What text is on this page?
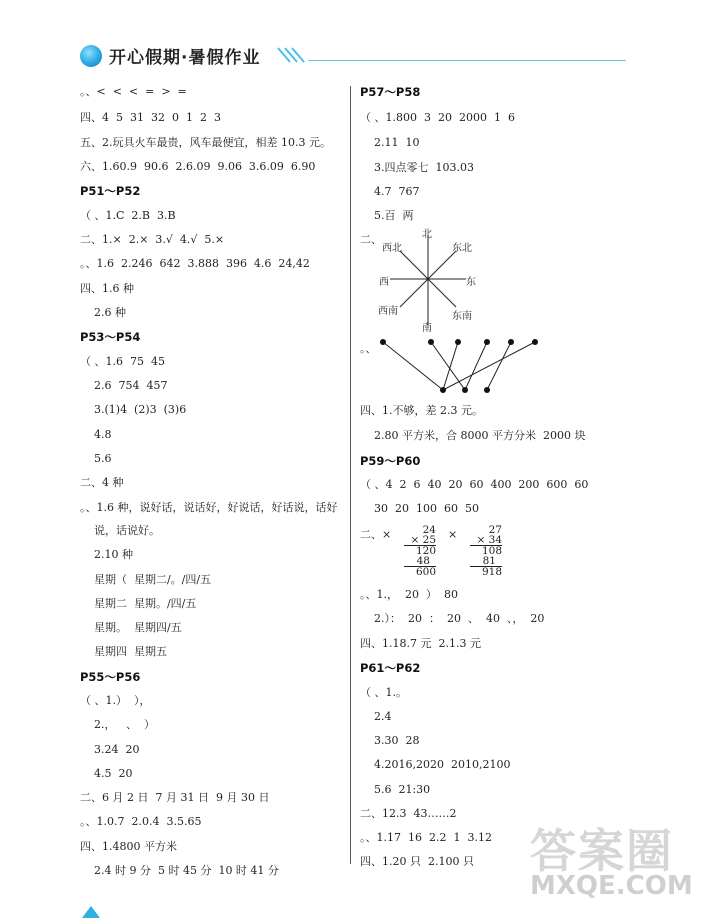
开心假期·暑假作业
。、<  <  <  =  >  =
四、4  5  31  32  0  1  2  3
五、2.玩具火车最贵，风车最便宜，相差 10.3 元。
六、1.60.9  90.6  2.6.09  9.06  3.6.09  6.90
P51～P52
（ 、1.C  2.B  3.B
二、1.×  2.×  3.√  4.√  5.×
。、1.6  2.246  642  3.888  396  4.6  24,42
四、1.6 种
2.6 种
P53～P54
（ 、1.6  75  45
2.6  754  457
3.(1)4  (2)3  (3)6
4.8
5.6
二、4 种
。、1.6 种，说好话，说话好，好说话，好话说，话好
说，话说好。
2.10 种
星期（  星期二/。/四/五
星期二  星期。/四/五
星期。  星期四/五
星期四  星期五
P55～P56
（ 、1.）  ），
2.，   、  ）
3.24  20
4.5  20
二、6 月 2 日  7 月 31 日  9 月 30 日
。、1.0.7  2.0.4  3.5.65
四、1.4800 平方米
2.4 时 9 分  5 时 45 分  10 时 41 分
北
南
东
西
东北
西北
东南
西南
24
× 25
120
48
600
×	27
× 34
108
81
918
P57～P58
（ 、1.800  3  20  2000  1  6
2.11  10
3.四点零七  103.03
4.7  767
5.百  两
二、
。、
四、1.不够，差 2.3 元。
2.80 平方米，合 8000 平方分米  2000 块
P59～P60
（ 、4  2  6  40  20  60  400  200  600  60
30  20  100  60  50
二、×
。、1.，  20  ）  80
2.）：  20  ：  20  、  40  、，  20
四、1.18.7 元  2.1.3 元
P61～P62
（ 、1.。
2.4
3.30  28
4.2016,2020  2010,2100
5.6  21:30
二、12.3  43……2
。、1.17  16  2.2  1  3.12
四、1.20 只  2.100 只 答案圈
MXQE.COM
